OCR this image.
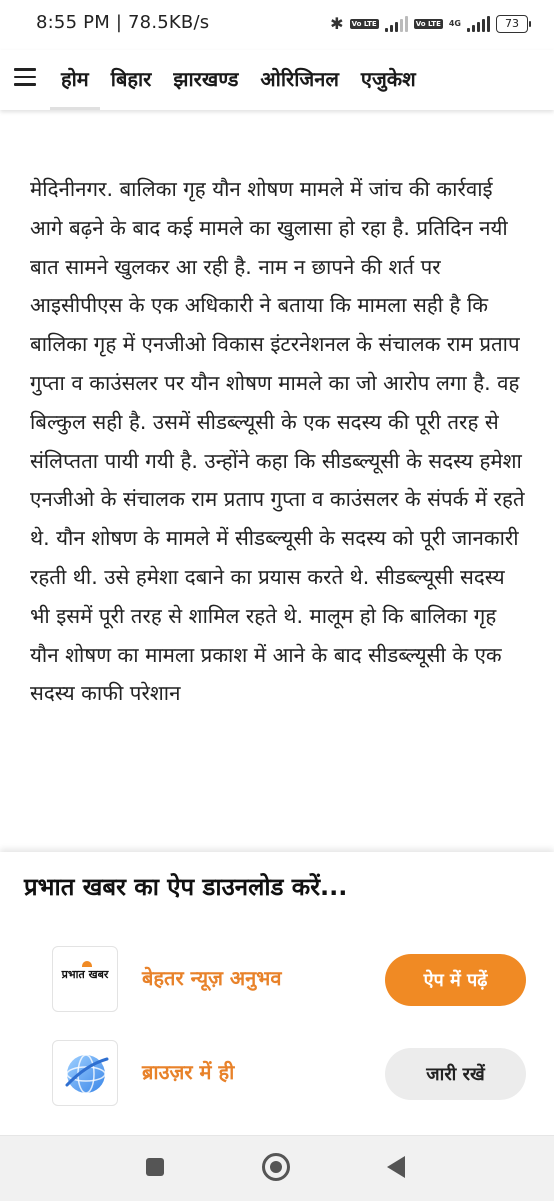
8:55 PM | 78.5KB/s	✱ Vo LTE	Vo LTE 4G	73
होम	बिहार	झारखण्ड	ओरिजिनल	एजुकेश
मेदिनीनगर. बालिका गृह यौन शोषण मामले में जांच की कार्रवाई आगे बढ़ने के बाद कई मामले का खुलासा हो रहा है. प्रतिदिन नयी बात सामने खुलकर आ रही है. नाम न छापने की शर्त पर आइसीपीएस के एक अधिकारी ने बताया कि मामला सही है कि बालिका गृह में एनजीओ विकास इंटरनेशनल के संचालक राम प्रताप गुप्ता व काउंसलर पर यौन शोषण मामले का जो आरोप लगा है. वह बिल्कुल सही है. उसमें सीडब्ल्यूसी के एक सदस्य की पूरी तरह से संलिप्तता पायी गयी है. उन्होंने कहा कि सीडब्ल्यूसी के सदस्य हमेशा एनजीओ के संचालक राम प्रताप गुप्ता व काउंसलर के संपर्क में रहते थे. यौन शोषण के मामले में सीडब्ल्यूसी के सदस्य को पूरी जानकारी रहती थी. उसे हमेशा दबाने का प्रयास करते थे. सीडब्ल्यूसी सदस्य भी इसमें पूरी तरह से शामिल रहते थे. मालूम हो कि बालिका गृह यौन शोषण का मामला प्रकाश में आने के बाद सीडब्ल्यूसी के एक सदस्य काफी परेशान
प्रभात खबर का ऐप डाउनलोड करें...
प्रभात खबर	बेहतर न्यूज़ अनुभव	ऐप में पढ़ें
ब्राउज़र में ही	जारी रखें
